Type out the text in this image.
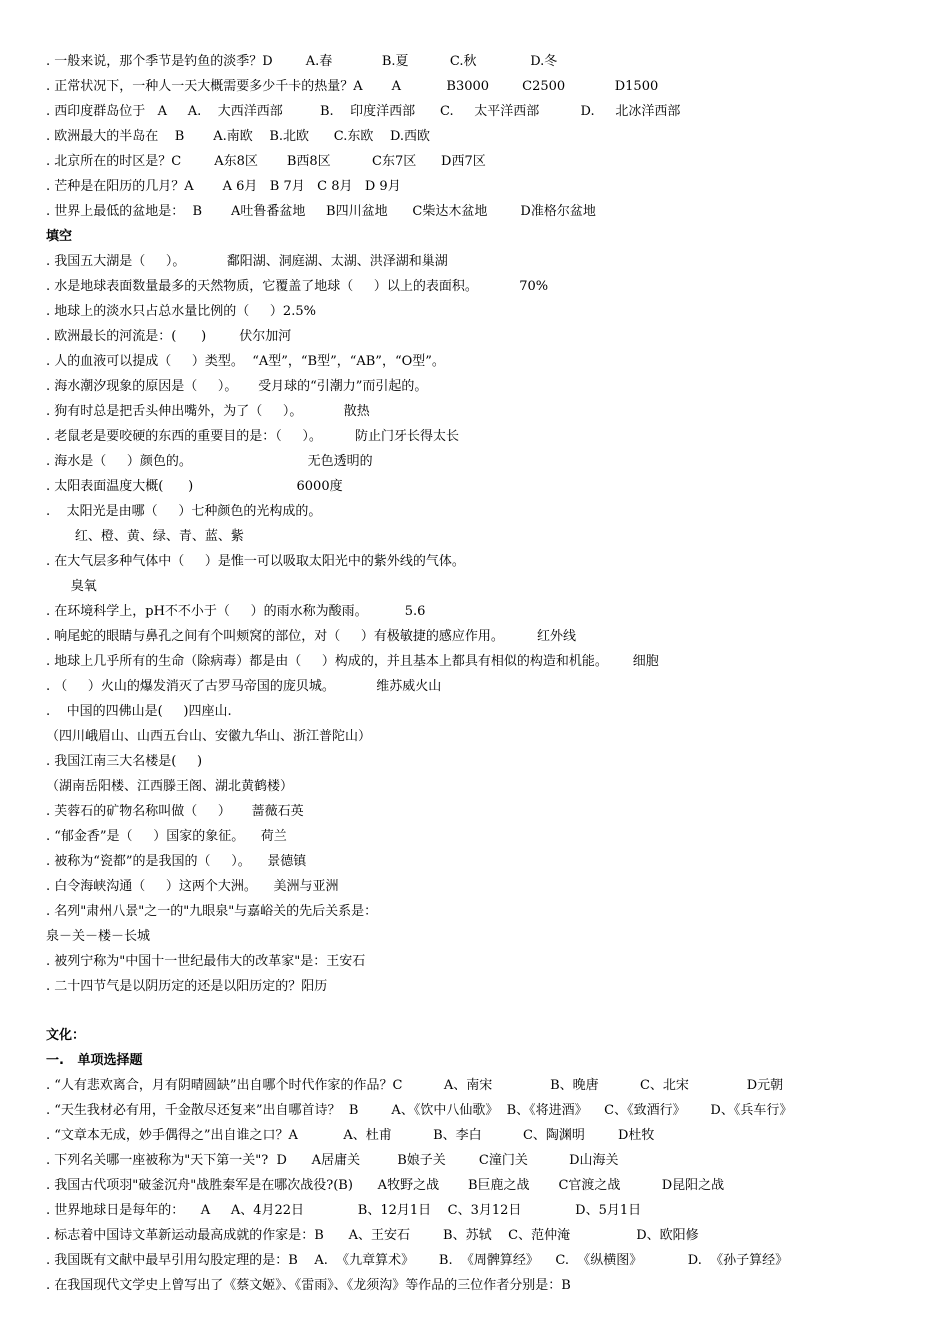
. 一般来说，那个季节是钓鱼的淡季？D        A.春            B.夏          C.秋             D.冬
. 正常状况下，一种人一天大概需要多少千卡的热量？A       A           B3000        C2500            D1500
. 西印度群岛位于   A     A.    大西洋西部         B.    印度洋西部      C.     太平洋西部          D.     北冰洋西部
. 欧洲最大的半岛在    B       A.南欧    B.北欧      C.东欧    D.西欧
. 北京所在的时区是？C        A东8区       B西8区          C东7区      D西7区
. 芒种是在阳历的几月？A       A 6月   B 7月   C 8月   D 9月
. 世界上最低的盆地是：  B       A吐鲁番盆地     B四川盆地      C柴达木盆地        D准格尔盆地
填空
. 我国五大湖是（     ）。          鄱阳湖、洞庭湖、太湖、洪泽湖和巢湖
. 水是地球表面数量最多的天然物质，它覆盖了地球（     ）以上的表面积。          70%
. 地球上的淡水只占总水量比例的（     ）2.5%
. 欧洲最长的河流是：(      )        伏尔加河
. 人的血液可以提成（     ）类型。  “A型”，“B型”，“AB”，“O型”。
. 海水潮汐现象的原因是（     ）。     受月球的“引潮力”而引起的。
. 狗有时总是把舌头伸出嘴外，为了（     ）。          散热
. 老鼠老是要咬硬的东西的重要目的是：（     ）。        防止门牙长得太长
. 海水是（     ）颜色的。                            无色透明的
. 太阳表面温度大概(      )                         6000度
.    太阳光是由哪（     ）七种颜色的光构成的。
红、橙、黄、绿、青、蓝、紫
. 在大气层多种气体中（     ）是惟一可以吸取太阳光中的紫外线的气体。
臭氧
. 在环境科学上，pH不不小于（     ）的雨水称为酸雨。         5.6
. 响尾蛇的眼睛与鼻孔之间有个叫颊窝的部位，对（     ）有极敏捷的感应作用。        红外线
. 地球上几乎所有的生命（除病毒）都是由（     ）构成的，并且基本上都具有相似的构造和机能。      细胞
. （     ）火山的爆发消灭了古罗马帝国的庞贝城。          维苏威火山
.    中国的四佛山是(     )四座山.
（四川峨眉山、山西五台山、安徽九华山、浙江普陀山）
. 我国江南三大名楼是(     )
（湖南岳阳楼、江西滕王阁、湖北黄鹤楼）
. 芙蓉石的矿物名称叫做（     ）     蔷薇石英
. “郁金香”是（     ）国家的象征。    荷兰
. 被称为“瓷都”的是我国的（     ）。    景德镇
. 白令海峡沟通（     ）这两个大洲。    美洲与亚洲
. 名列"肃州八景"之一的"九眼泉"与嘉峪关的先后关系是：
泉－关－楼－长城
. 被列宁称为"中国十一世纪最伟大的改革家"是：王安石
. 二十四节气是以阴历定的还是以阳历定的？阳历
文化：
一.   单项选择题
. “人有悲欢离合，月有阴晴圆缺”出自哪个时代作家的作品？C          A、南宋              B、晚唐          C、北宋              D元朝
. “天生我材必有用，千金散尽还复来”出自哪首诗？  B        A、《饮中八仙歌》  B、《将进酒》    C、《致酒行》      D、《兵车行》
. “文章本无成，妙手偶得之”出自谁之口？A           A、杜甫          B、李白          C、陶渊明        D杜牧
. 下列名关哪一座被称为"天下第一关"?  D      A居庸关         B娘子关        C潼门关          D山海关
. 我国古代项羽"破釜沉舟"战胜秦军是在哪次战役?(B)      A牧野之战       B巨鹿之战       C官渡之战          D昆阳之战
. 世界地球日是每年的：    A     A、4月22日             B、12月1日    C、3月12日             D、5月1日
. 标志着中国诗文革新运动最高成就的作家是：B      A、王安石        B、苏轼    C、范仲淹                D、欧阳修
. 我国既有文献中最早引用勾股定理的是：B    A.  《九章算术》      B.  《周髀算经》    C.  《纵横图》           D.  《孙子算经》
. 在我国现代文学史上曾写出了《蔡文姬》、《雷雨》、《龙须沟》等作品的三位作者分别是：B
